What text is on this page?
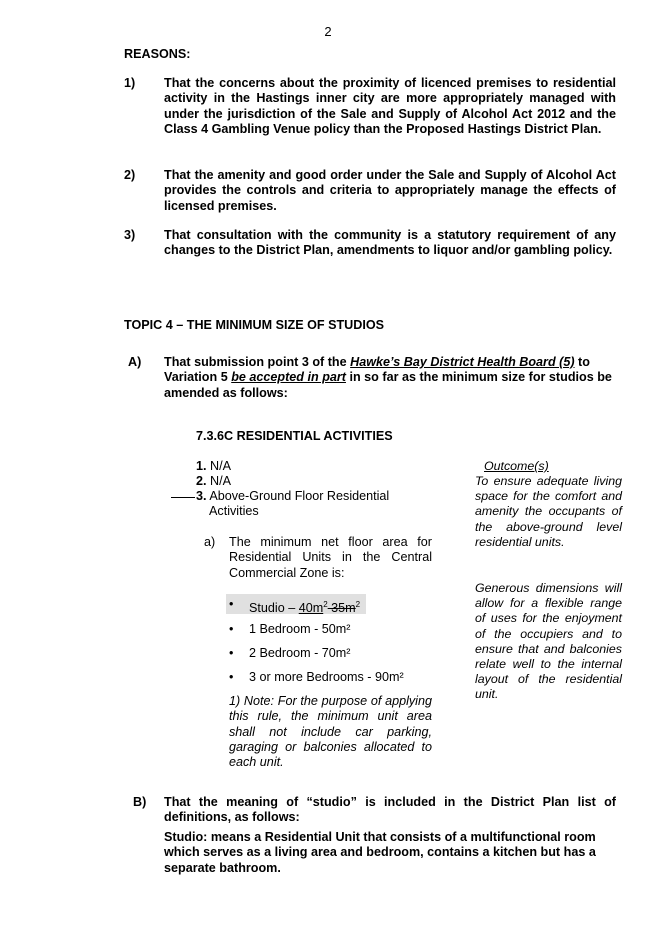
2
REASONS:
1)	That the concerns about the proximity of licenced premises to residential activity in the Hastings inner city are more appropriately managed with under the jurisdiction of the Sale and Supply of Alcohol Act 2012 and the Class 4 Gambling Venue policy than the Proposed Hastings District Plan.
2)	That the amenity and good order under the Sale and Supply of Alcohol Act provides the controls and criteria to appropriately manage the effects of licensed premises.
3)	That consultation with the community is a statutory requirement of any changes to the District Plan, amendments to liquor and/or gambling policy.
TOPIC 4 – THE MINIMUM SIZE OF STUDIOS
A)	That submission point 3 of the Hawke’s Bay District Health Board (5) to Variation 5 be accepted in part in so far as the minimum size for studios be amended as follows:
7.3.6C RESIDENTIAL ACTIVITIES
1. N/A
2. N/A
3. Above-Ground Floor Residential
Activities
a) The minimum net floor area for Residential Units in the Central Commercial Zone is:
• Studio – $40m^2$ $35m^2$
• 1 Bedroom - 50m²
• 2 Bedroom - 70m²
• 3 or more Bedrooms - 90m²
1) Note: For the purpose of applying this rule, the minimum unit area shall not include car parking, garaging or balconies allocated to each unit.
Outcome(s)
To ensure adequate living space for the comfort and amenity the occupants of the above-ground level residential units.
Generous dimensions will allow for a flexible range of uses for the enjoyment of the occupiers and to ensure that and balconies relate well to the internal layout of the residential unit.
B)	That the meaning of “studio” is included in the District Plan list of definitions, as follows:
Studio: means a Residential Unit that consists of a multifunctional room which serves as a living area and bedroom, contains a kitchen but has a separate bathroom.
